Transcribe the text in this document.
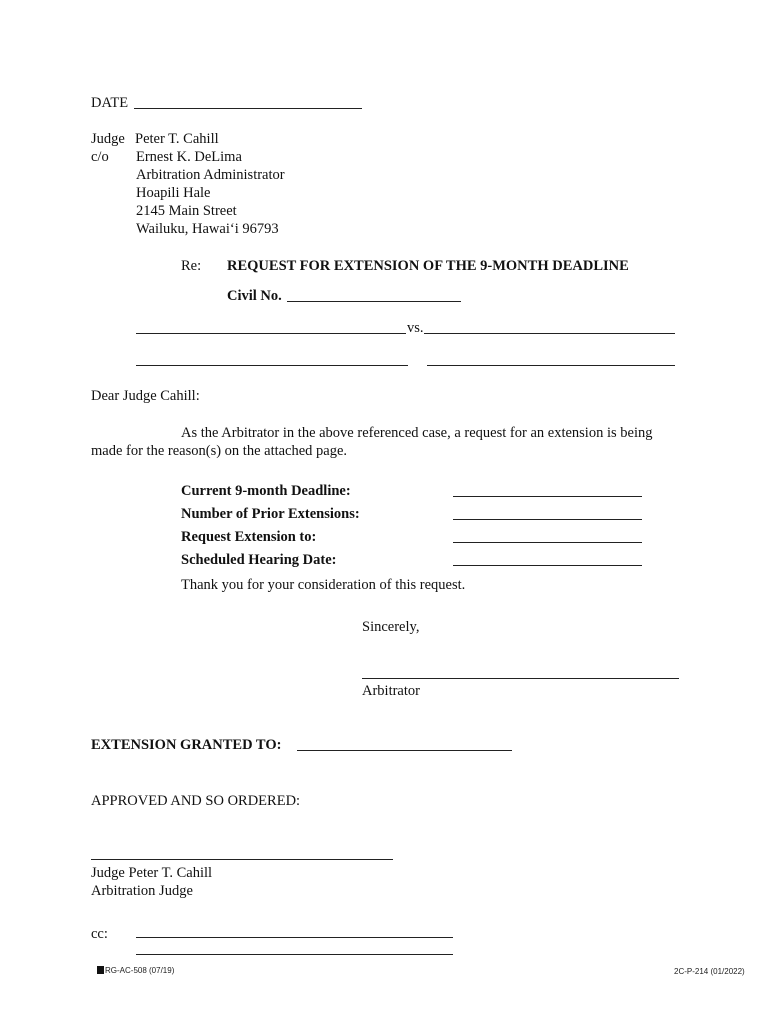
DATE
Judge Peter T. Cahill
c/o Ernest K. DeLima
Arbitration Administrator
Hoapili Hale
2145 Main Street
Wailuku, Hawai‘i 96793
Re: REQUEST FOR EXTENSION OF THE 9-MONTH DEADLINE
Civil No.
vs.
Dear Judge Cahill:
As the Arbitrator in the above referenced case, a request for an extension is being
made for the reason(s) on the attached page.
Current 9-month Deadline:
Number of Prior Extensions:
Request Extension to:
Scheduled Hearing Date:
Thank you for your consideration of this request.
Sincerely,
Arbitrator
EXTENSION GRANTED TO:
APPROVED AND SO ORDERED:
Judge Peter T. Cahill
Arbitration Judge
cc:
RG-AC-508 (07/19)	2C-P-214 (01/2022)
